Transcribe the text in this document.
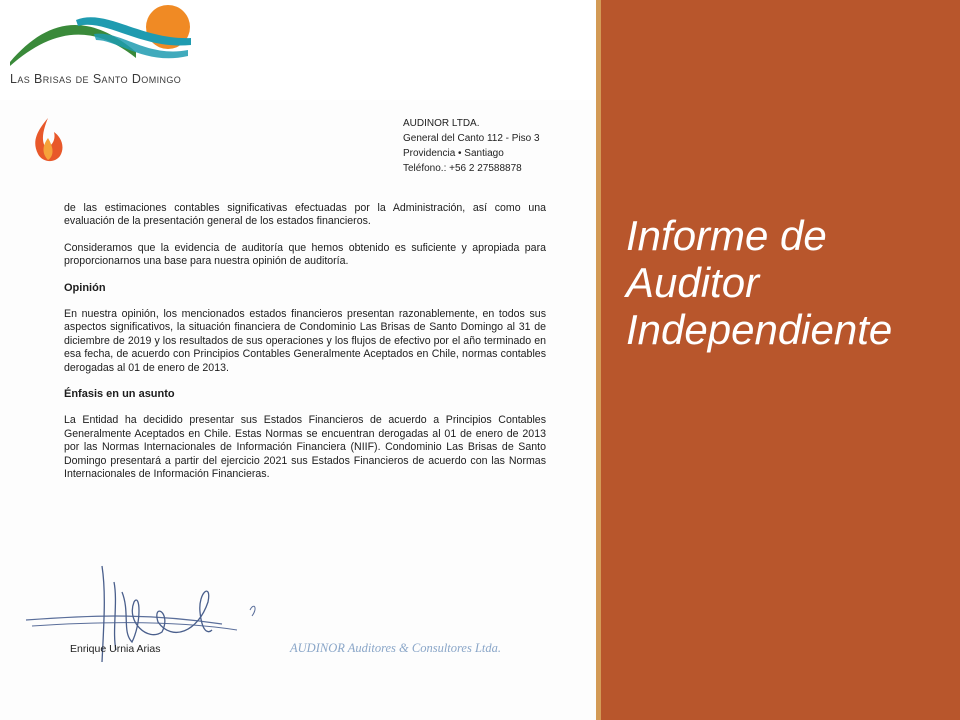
Las Brisas de Santo Domingo
AUDINOR LTDA.
General del Canto 112 - Piso 3
Providencia • Santiago
Teléfono.: +56 2 27588878

de las estimaciones contables significativas efectuadas por la Administración, así como una evaluación de la presentación general de los estados financieros.

Consideramos que la evidencia de auditoría que hemos obtenido es suficiente y apropiada para proporcionarnos una base para nuestra opinión de auditoría.

Opinión

En nuestra opinión, los mencionados estados financieros presentan razonablemente, en todos sus aspectos significativos, la situación financiera de Condominio Las Brisas de Santo Domingo al 31 de diciembre de 2019 y los resultados de sus operaciones y los flujos de efectivo por el año terminado en esa fecha, de acuerdo con Principios Contables Generalmente Aceptados en Chile, normas contables derogadas al 01 de enero de 2013.

Énfasis en un asunto

La Entidad ha decidido presentar sus Estados Financieros de acuerdo a Principios Contables Generalmente Aceptados en Chile. Estas Normas se encuentran derogadas al 01 de enero de 2013 por las Normas Internacionales de Información Financiera (NIIF). Condominio Las Brisas de Santo Domingo presentará a partir del ejercicio 2021 sus Estados Financieros de acuerdo con las Normas Internacionales de Información Financieras.

Enrique Urnia Arias	AUDINOR Auditores & Consultores Ltda.
Informe de Auditor Independiente
